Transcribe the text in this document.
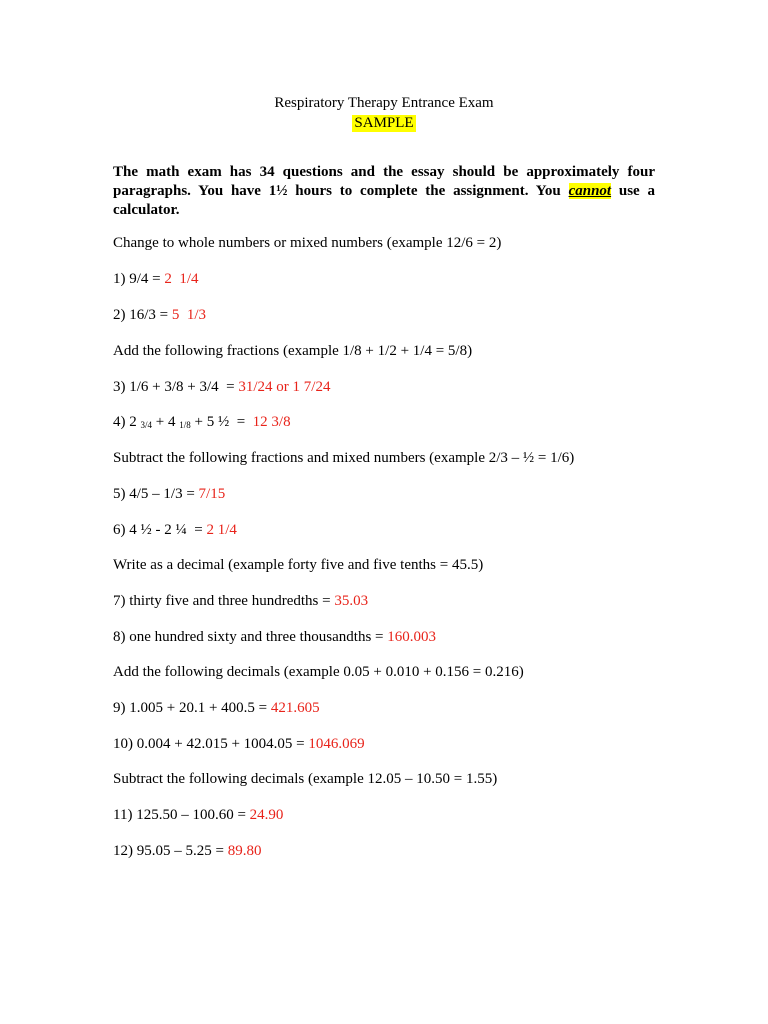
Respiratory Therapy Entrance Exam
SAMPLE
The math exam has 34 questions and the essay should be approximately four paragraphs. You have 1½ hours to complete the assignment. You cannot use a calculator.
Change to whole numbers or mixed numbers (example 12/6 = 2)
1) 9/4 = 2  1/4
2) 16/3 = 5  1/3
Add the following fractions (example 1/8 + 1/2 + 1/4 = 5/8)
3) 1/6 + 3/8 + 3/4  = 31/24 or 1 7/24
4) 2 $_{3/4}$ + 4 $_{1/8}$ + 5 ½  =  12 3/8
Subtract the following fractions and mixed numbers (example 2/3 – ½ = 1/6)
5) 4/5 – 1/3 = 7/15
6) 4 ½ - 2 ¼  = 2 1/4
Write as a decimal (example forty five and five tenths = 45.5)
7) thirty five and three hundredths = 35.03
8) one hundred sixty and three thousandths = 160.003
Add the following decimals (example 0.05 + 0.010 + 0.156 = 0.216)
9) 1.005 + 20.1 + 400.5 = 421.605
10) 0.004 + 42.015 + 1004.05 = 1046.069
Subtract the following decimals (example 12.05 – 10.50 = 1.55)
11) 125.50 – 100.60 = 24.90
12) 95.05 – 5.25 = 89.80
